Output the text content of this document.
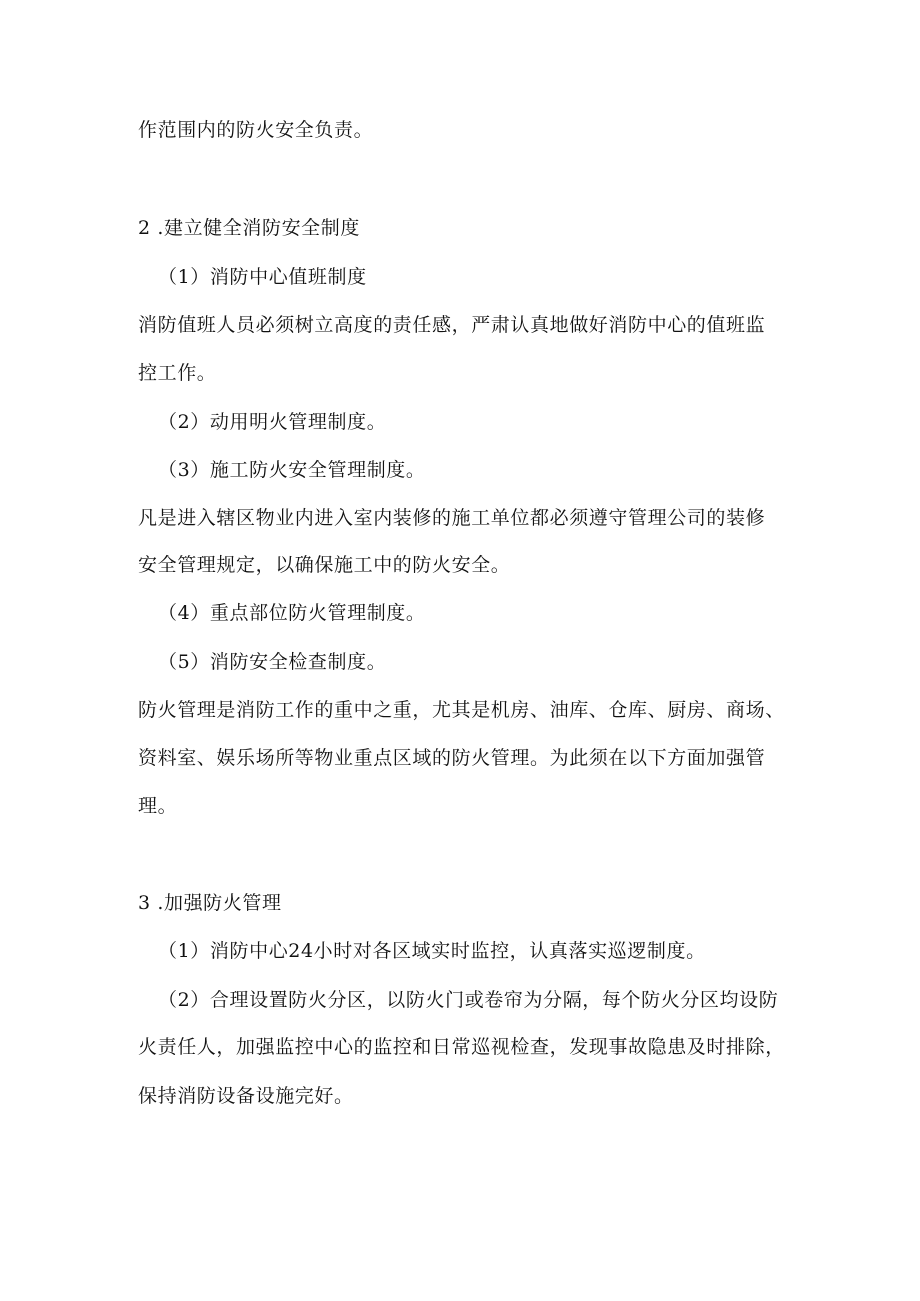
作范围内的防火安全负责。
2 .建立健全消防安全制度
（1）消防中心值班制度
消防值班人员必须树立高度的责任感，严肃认真地做好消防中心的值班监
控工作。
（2）动用明火管理制度。
（3）施工防火安全管理制度。
凡是进入辖区物业内进入室内装修的施工单位都必须遵守管理公司的装修
安全管理规定，以确保施工中的防火安全。
（4）重点部位防火管理制度。
（5）消防安全检查制度。
防火管理是消防工作的重中之重，尤其是机房、油库、仓库、厨房、商场、
资料室、娱乐场所等物业重点区域的防火管理。为此须在以下方面加强管
理。
3 .加强防火管理
（1）消防中心24小时对各区域实时监控，认真落实巡逻制度。
（2）合理设置防火分区，以防火门或卷帘为分隔，每个防火分区均设防
火责任人，加强监控中心的监控和日常巡视检查，发现事故隐患及时排除，
保持消防设备设施完好。
